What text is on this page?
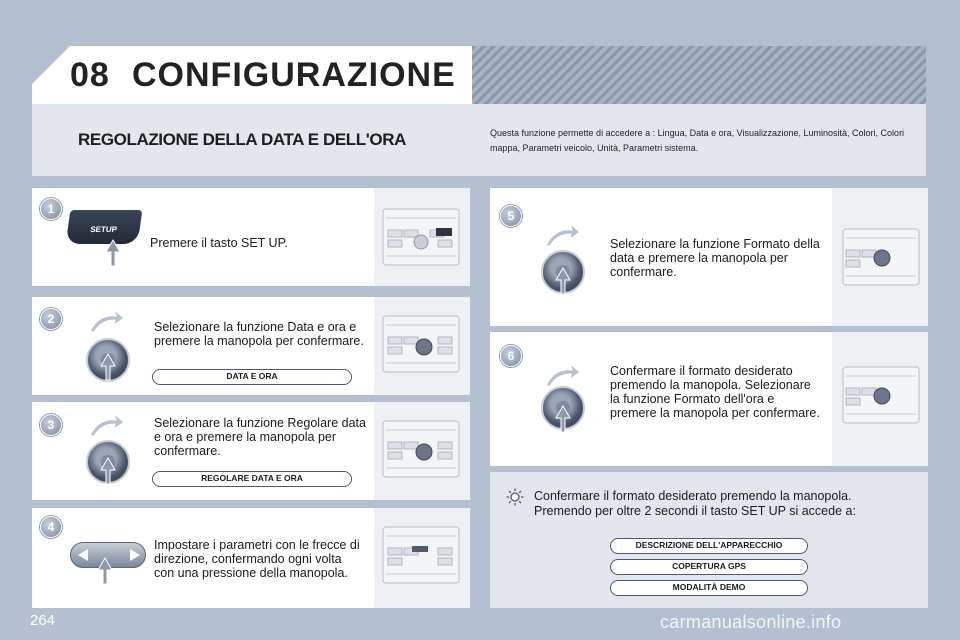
08 CONFIGURAZIONE
REGOLAZIONE DELLA DATA E DELL'ORA	Questa funzione permette di accedere a : Lingua, Data e ora, Visualizzazione, Luminosità, Colori, Colori mappa, Parametri veicolo, Unità, Parametri sistema.
1
2
3
4
5
6
SETUP
Premere il tasto SET UP.
Selezionare la funzione Data e ora e premere la manopola per confermare.
DATA E ORA
Selezionare la funzione Regolare data e ora e premere la manopola per confermare.
REGOLARE DATA E ORA
Impostare i parametri con le frecce di direzione, confermando ogni volta con una pressione della manopola.
Selezionare la funzione Formato della data e premere la manopola per confermare.
Confermare il formato desiderato premendo la manopola. Selezionare la funzione Formato dell'ora e premere la manopola per confermare.
Confermare il formato desiderato premendo la manopola.
Premendo per oltre 2 secondi il tasto SET UP si accede a:
DESCRIZIONE DELL'APPARECCHIO
COPERTURA GPS
MODALITÀ DEMO
264	carmanualsonline.info
